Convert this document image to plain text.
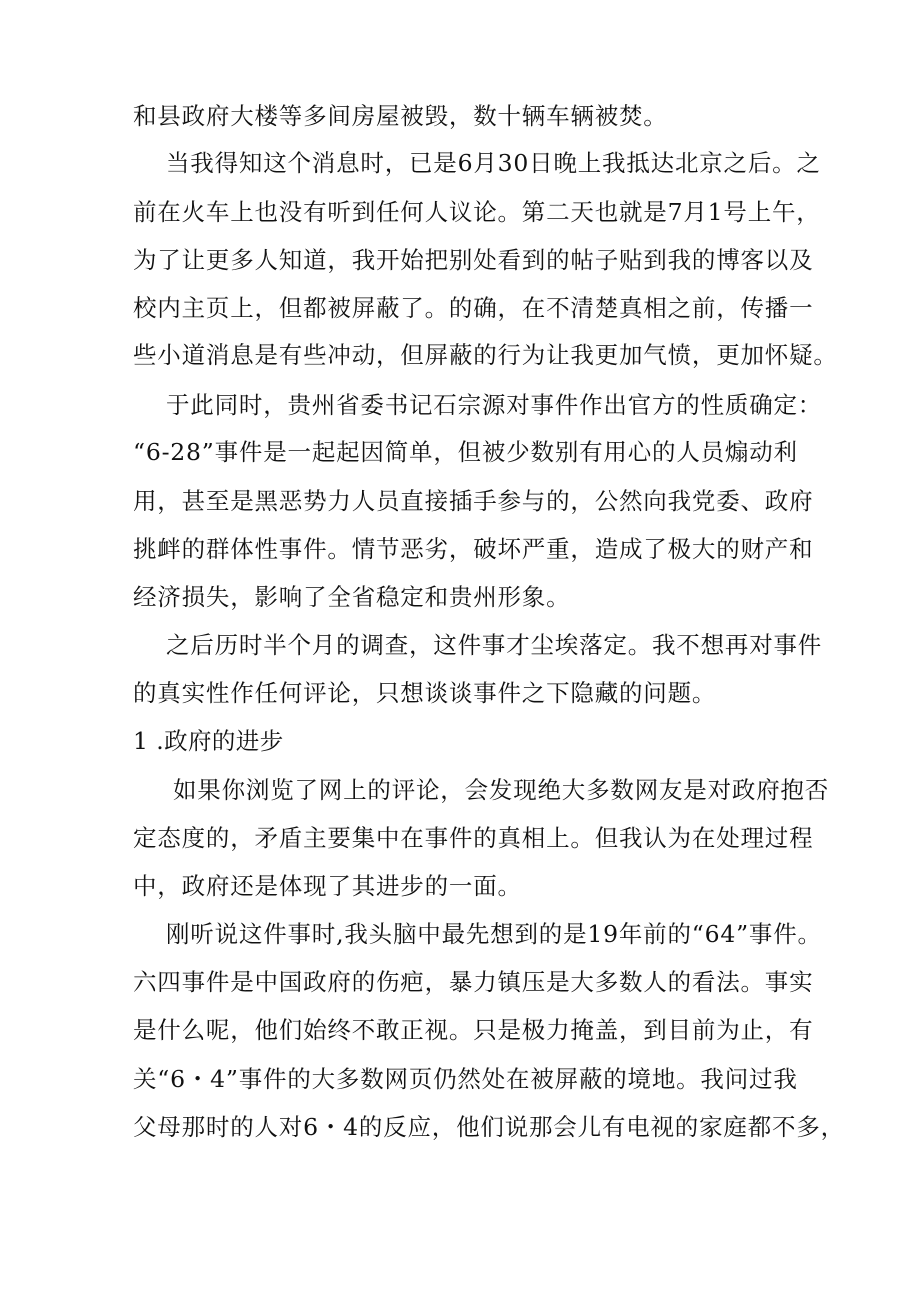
和县政府大楼等多间房屋被毁，数十辆车辆被焚。
当我得知这个消息时，已是6月30日晚上我抵达北京之后。之
前在火车上也没有听到任何人议论。第二天也就是7月1号上午，
为了让更多人知道，我开始把别处看到的帖子贴到我的博客以及
校内主页上，但都被屏蔽了。的确，在不清楚真相之前，传播一
些小道消息是有些冲动，但屏蔽的行为让我更加气愤，更加怀疑。
于此同时，贵州省委书记石宗源对事件作出官方的性质确定：
“6-28”事件是一起起因简单，但被少数别有用心的人员煽动利
用，甚至是黑恶势力人员直接插手参与的，公然向我党委、政府
挑衅的群体性事件。情节恶劣，破坏严重，造成了极大的财产和
经济损失，影响了全省稳定和贵州形象。
之后历时半个月的调查，这件事才尘埃落定。我不想再对事件
的真实性作任何评论，只想谈谈事件之下隐藏的问题。
1 .政府的进步
如果你浏览了网上的评论，会发现绝大多数网友是对政府抱否
定态度的，矛盾主要集中在事件的真相上。但我认为在处理过程
中，政府还是体现了其进步的一面。
刚听说这件事时,我头脑中最先想到的是19年前的“64”事件。
六四事件是中国政府的伤疤，暴力镇压是大多数人的看法。事实
是什么呢，他们始终不敢正视。只是极力掩盖，到目前为止，有
关“6・4”事件的大多数网页仍然处在被屏蔽的境地。我问过我
父母那时的人对6・4的反应，他们说那会儿有电视的家庭都不多，
